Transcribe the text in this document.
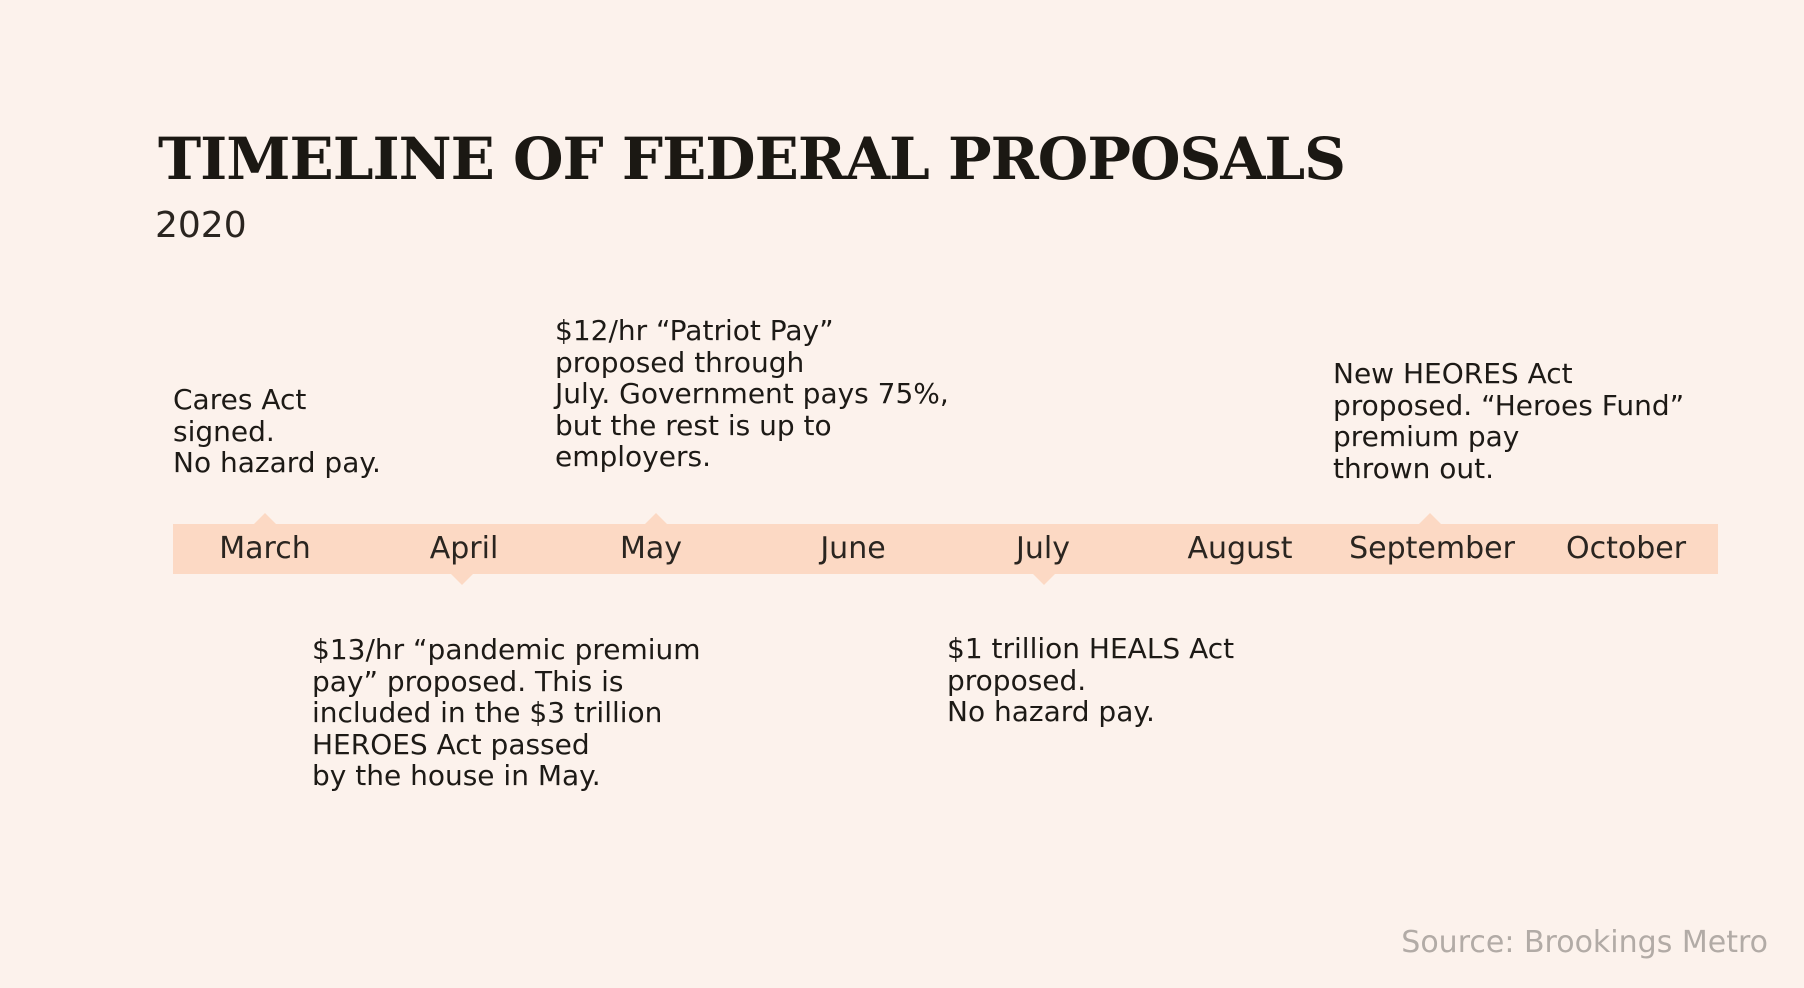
TIMELINE OF FEDERAL PROPOSALS
2020
March	April	May	June	July	August September October
Cares Act
signed.
No hazard pay.
$12/hr “Patriot Pay”
proposed through
July. Government pays 75%,
but the rest is up to
employers.
New HEORES Act
proposed. “Heroes Fund”
premium pay
thrown out.
$13/hr “pandemic premium
pay” proposed. This is
included in the $3 trillion
HEROES Act passed
by the house in May.
$1 trillion HEALS Act
proposed.
No hazard pay.
Source: Brookings Metro
